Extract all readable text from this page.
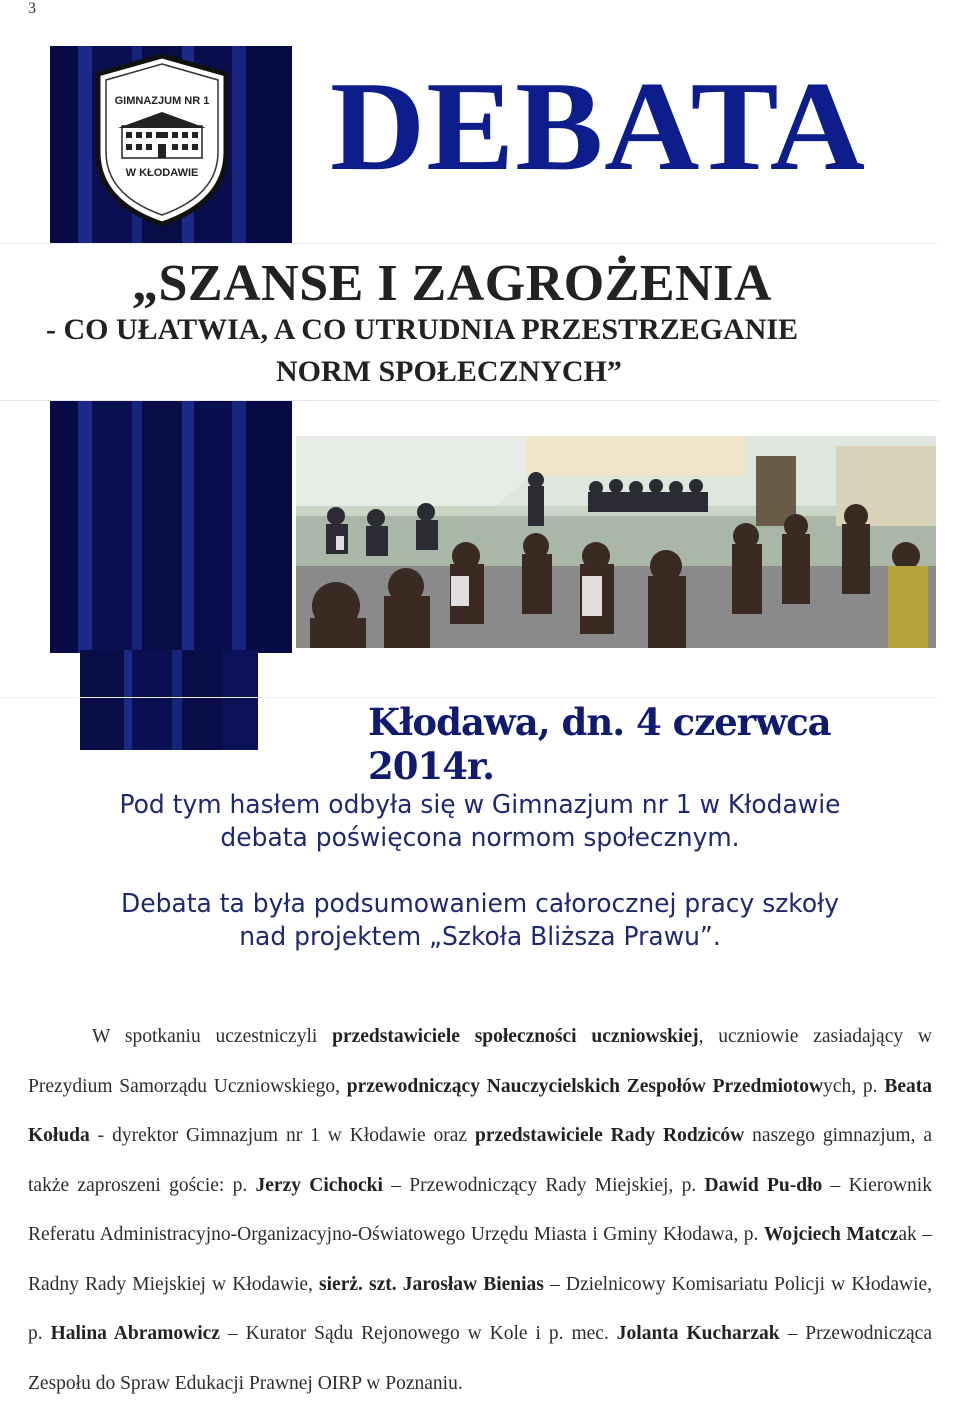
3
GIMNAZJUM NR 1
W KŁODAWIE DEBATA
„SZANSE I ZAGROŻENIA
- CO UŁATWIA, A CO UTRUDNIA PRZESTRZEGANIE
NORM SPOŁECZNYCH”
Kłodawa, dn. 4 czerwca 2014r.
Pod tym hasłem odbyła się w Gimnazjum nr 1 w Kłodawie
debata poświęcona normom społecznym.
Debata ta była podsumowaniem całorocznej pracy szkoły
nad projektem „Szkoła Bliższa Prawu”.
W spotkaniu uczestniczyli przedstawiciele społeczności uczniowskiej, uczniowie zasiadający w Prezydium Samorządu Uczniowskiego, przewodniczący Nauczycielskich Zespołów Przedmiotowych, p. Beata Kołuda - dyrektor Gimnazjum nr 1 w Kłodawie oraz przedstawiciele Rady Rodziców naszego gimnazjum, a także zaproszeni goście: p. Jerzy Cichocki – Przewodniczący Rady Miejskiej, p. Dawid Pu-dło – Kierownik Referatu Administracyjno-Organizacyjno-Oświatowego Urzędu Miasta i Gminy Kłodawa, p. Wojciech Matczak – Radny Rady Miejskiej w Kłodawie, sierż. szt. Jarosław Bienias – Dzielnicowy Komisariatu Policji w Kłodawie, p. Halina Abramowicz – Kurator Sądu Rejonowego w Kole i p. mec. Jolanta Kucharzak – Przewodnicząca Zespołu do Spraw Edukacji Prawnej OIRP w Poznaniu.
